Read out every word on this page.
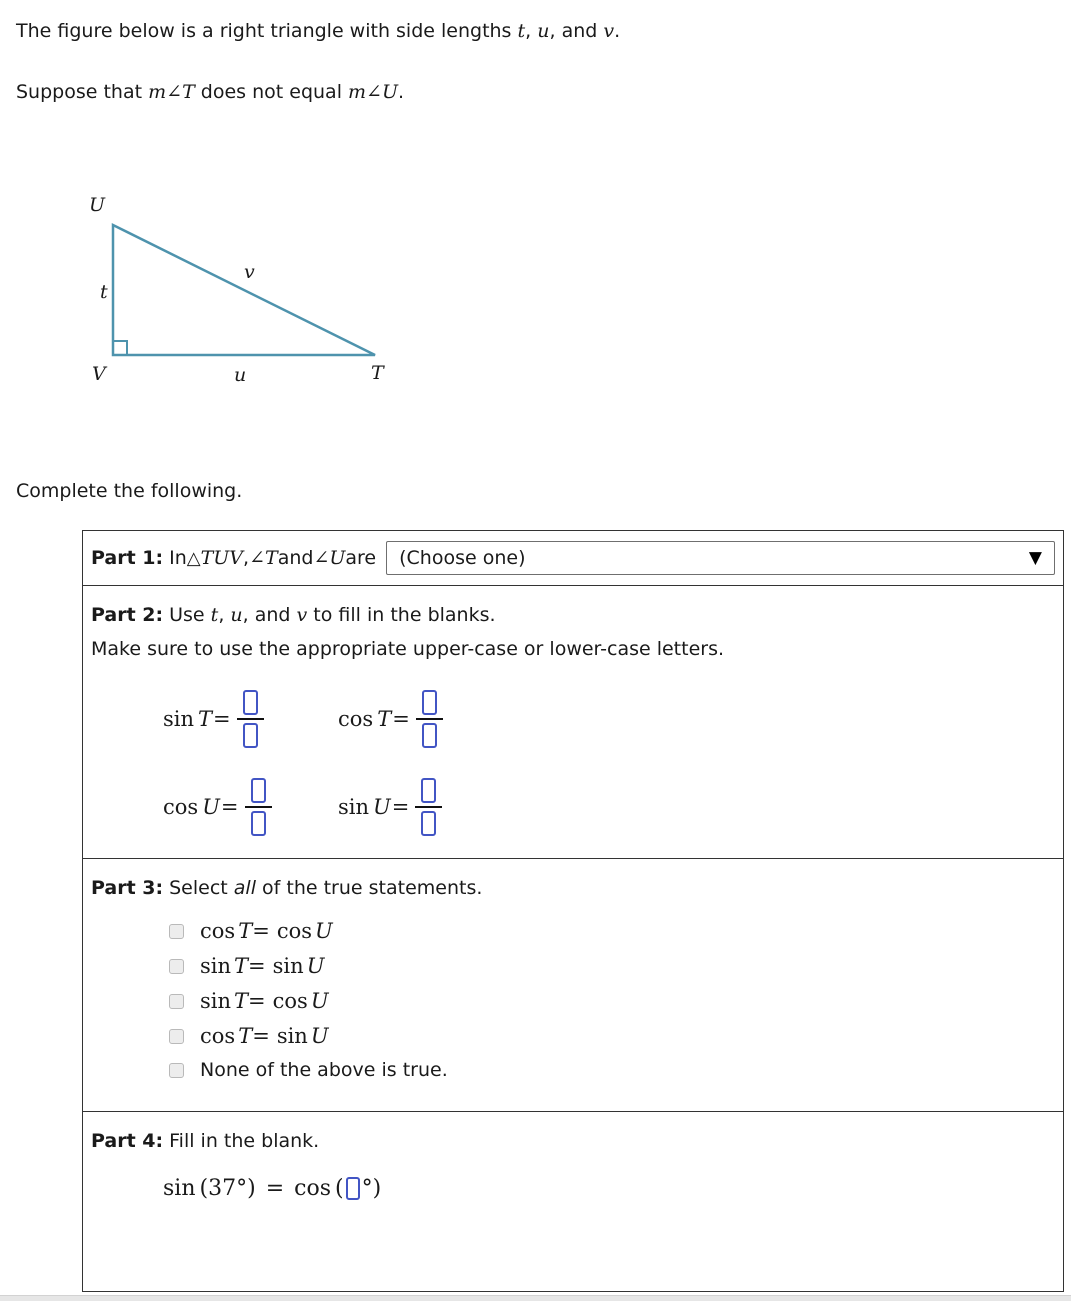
The figure below is a right triangle with side lengths t, u, and v.
Suppose that m∠T does not equal m∠U.
U
t
v
V	u	T
Complete the following.
Part 1: In △ TUV , ∠ T and ∠ U are (Choose one)	▼
Part 2: Use t, u, and v to fill in the blanks.
Make sure to use the appropriate upper-case or lower-case letters.
sin T =	cos T =
cos U =	sin U =
Part 3: Select all of the true statements.
cos T= cos U
sin T= sin U
sin T= cos U
cos T= sin U
None of the above is true.
Part 4: Fill in the blank.
sin ( 37 ° ) = cos ( ° )
